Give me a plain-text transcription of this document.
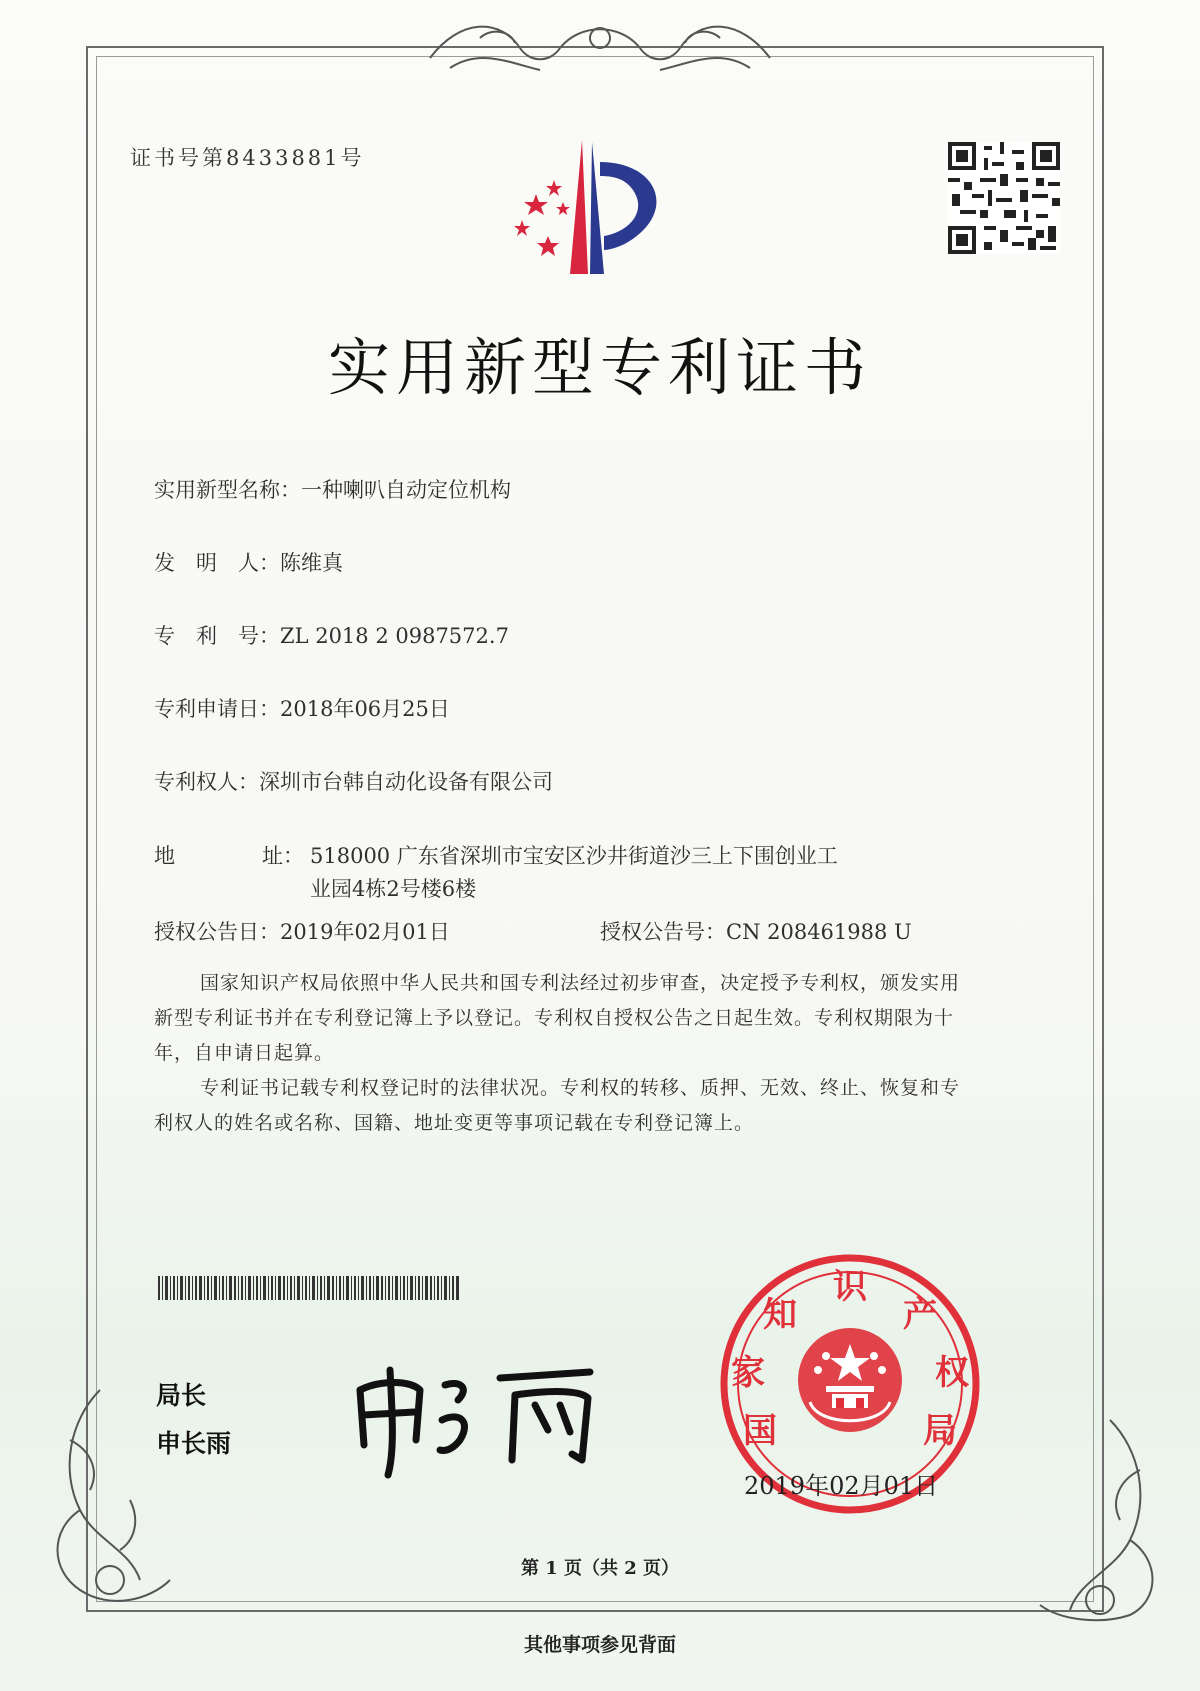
证书号第8433881号
实用新型专利证书
实用新型名称：一种喇叭自动定位机构
发　明　人：陈维真
专　利　号：ZL 2018 2 0987572.7
专利申请日：2018年06月25日
专利权人：深圳市台韩自动化设备有限公司
地	址： 518000 广东省深圳市宝安区沙井街道沙三上下围创业工
业园4栋2号楼6楼
授权公告日：2019年02月01日	授权公告号：CN 208461988 U
国家知识产权局依照中华人民共和国专利法经过初步审查，决定授予专利权，颁发实用
新型专利证书并在专利登记簿上予以登记。专利权自授权公告之日起生效。专利权期限为十
年，自申请日起算。
专利证书记载专利权登记时的法律状况。专利权的转移、质押、无效、终止、恢复和专
利权人的姓名或名称、国籍、地址变更等事项记载在专利登记簿上。
局长
申长雨	国
家
知
识
产
权
局
2019年02月01日
第 1 页（共 2 页）
其他事项参见背面
